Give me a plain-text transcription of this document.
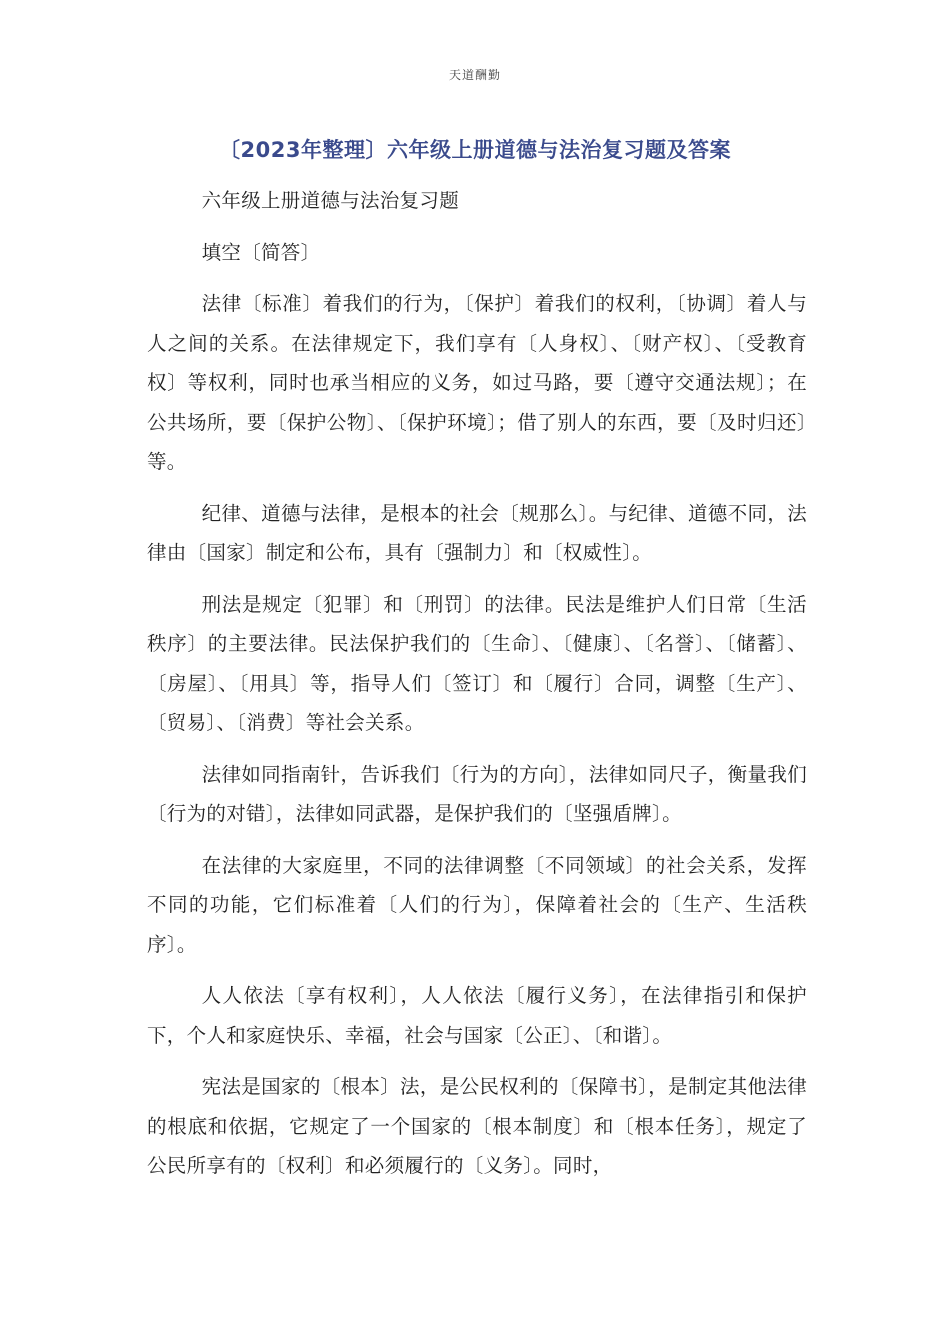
天道酬勤
〔2023年整理〕六年级上册道德与法治复习题及答案

六年级上册道德与法治复习题

填空〔简答〕

法律〔标准〕着我们的行为，〔保护〕着我们的权利，〔协调〕着人与人之间的关系。在法律规定下，我们享有〔人身权〕、〔财产权〕、〔受教育权〕等权利，同时也承当相应的义务，如过马路，要〔遵守交通法规〕；在公共场所，要〔保护公物〕、〔保护环境〕；借了别人的东西，要〔及时归还〕等。

纪律、道德与法律，是根本的社会〔规那么〕。与纪律、道德不同，法律由〔国家〕制定和公布，具有〔强制力〕和〔权威性〕。

刑法是规定〔犯罪〕和〔刑罚〕的法律。民法是维护人们日常〔生活秩序〕的主要法律。民法保护我们的〔生命〕、〔健康〕、〔名誉〕、〔储蓄〕、〔房屋〕、〔用具〕等，指导人们〔签订〕和〔履行〕合同，调整〔生产〕、〔贸易〕、〔消费〕等社会关系。

法律如同指南针，告诉我们〔行为的方向〕，法律如同尺子，衡量我们〔行为的对错〕，法律如同武器，是保护我们的〔坚强盾牌〕。

在法律的大家庭里，不同的法律调整〔不同领域〕的社会关系，发挥不同的功能，它们标准着〔人们的行为〕，保障着社会的〔生产、生活秩序〕。

人人依法〔享有权利〕，人人依法〔履行义务〕，在法律指引和保护下，个人和家庭快乐、幸福，社会与国家〔公正〕、〔和谐〕。

宪法是国家的〔根本〕法，是公民权利的〔保障书〕，是制定其他法律的根底和依据，它规定了一个国家的〔根本制度〕和〔根本任务〕，规定了公民所享有的〔权利〕和必须履行的〔义务〕。同时，
